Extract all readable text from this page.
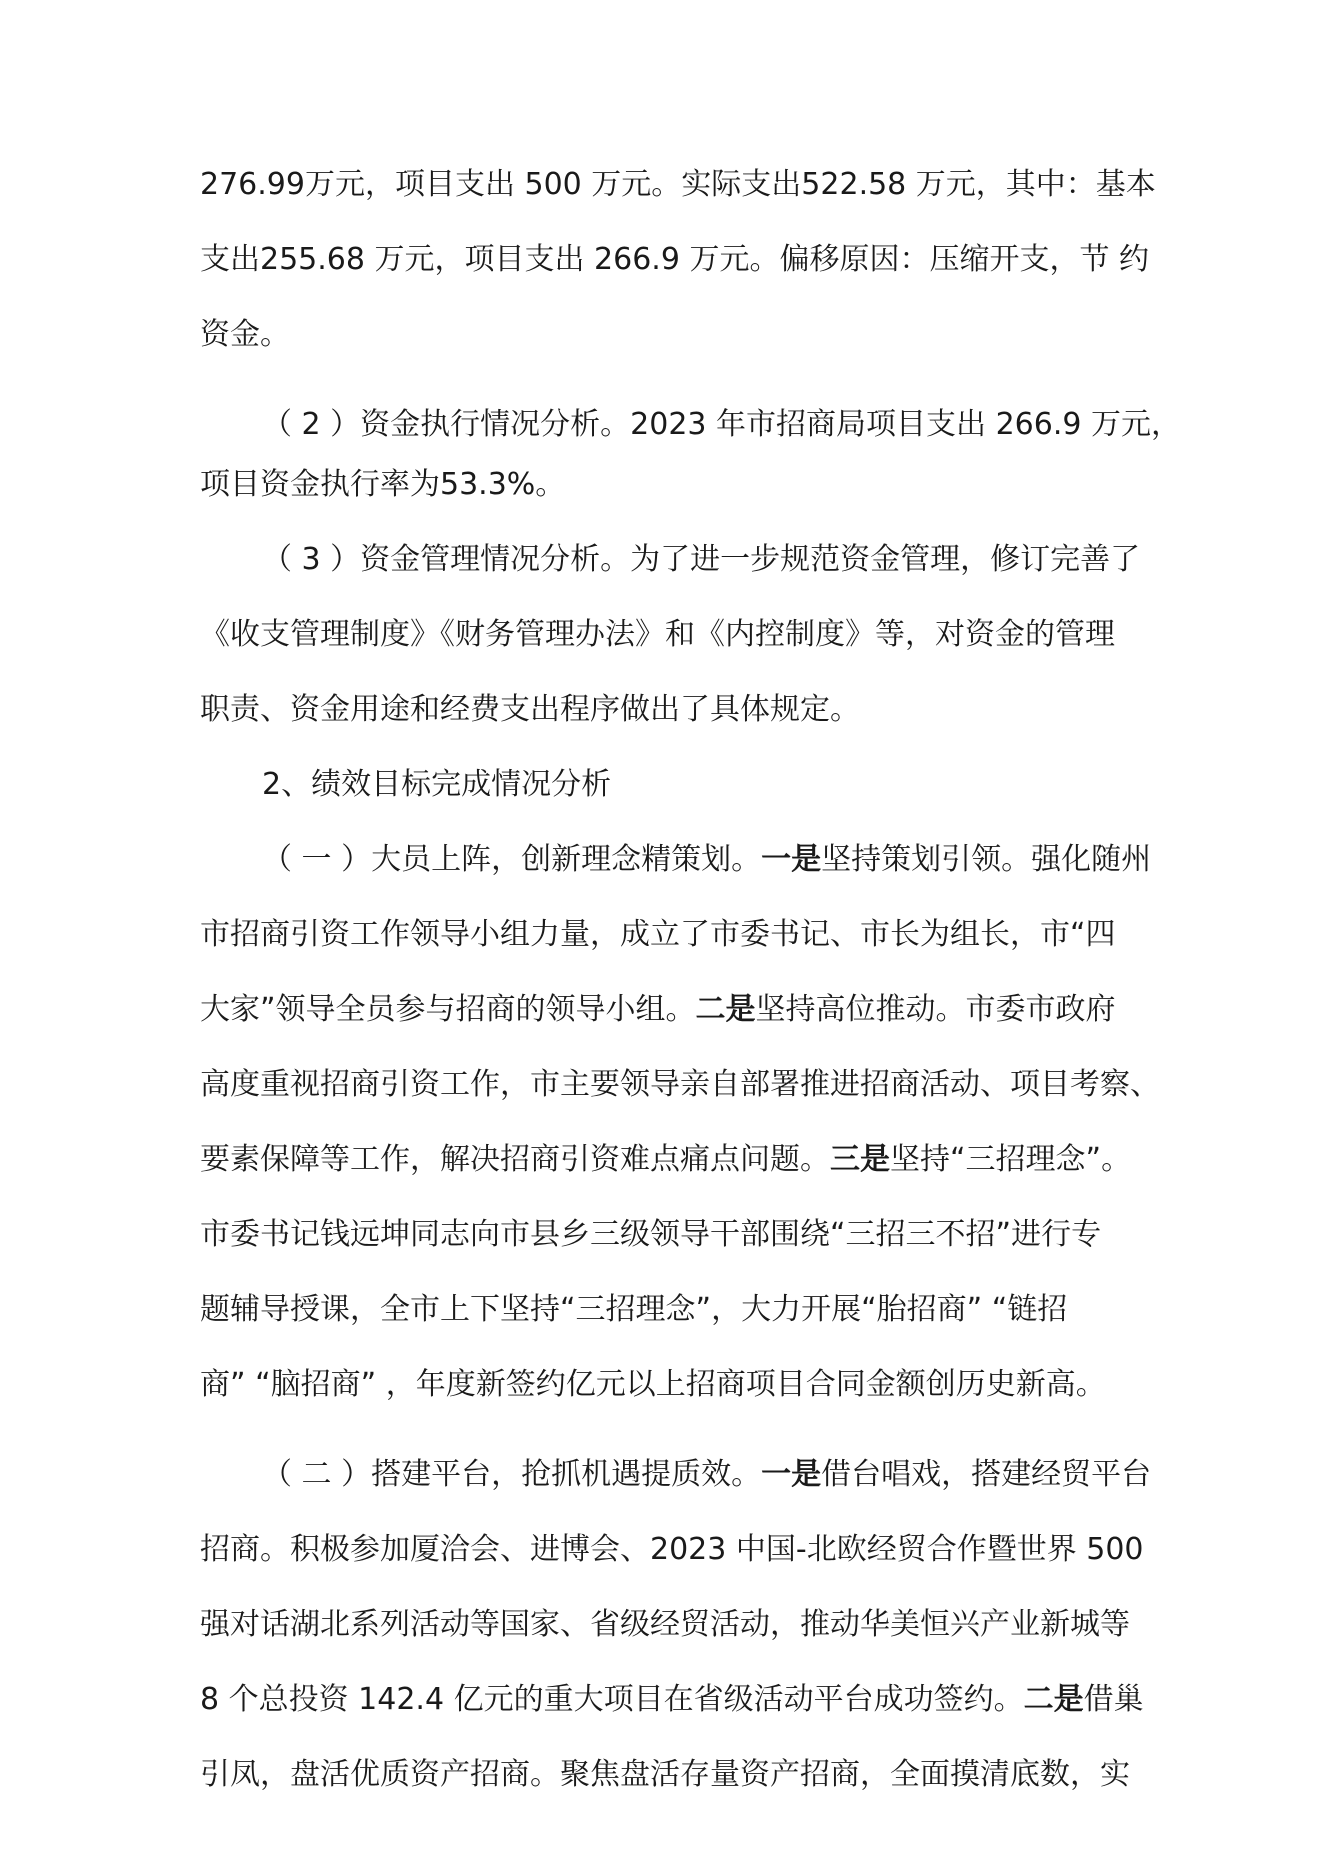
276.99万元，项目支出 500 万元。实际支出522.58 万元，其中：基本

支出255.68 万元，项目支出 266.9 万元。偏移原因：压缩开支，节 约

资金。

（ 2 ）资金执行情况分析。2023 年市招商局项目支出 266.9 万元，

项目资金执行率为53.3%。

（ 3 ）资金管理情况分析。为了进一步规范资金管理，修订完善了

《收支管理制度》《财务管理办法》和《内控制度》等，对资金的管理

职责、资金用途和经费支出程序做出了具体规定。

2、绩效目标完成情况分析

（ 一 ）大员上阵，创新理念精策划。一是坚持策划引领。强化随州

市招商引资工作领导小组力量，成立了市委书记、市长为组长，市“四

大家”领导全员参与招商的领导小组。二是坚持高位推动。市委市政府

高度重视招商引资工作，市主要领导亲自部署推进招商活动、项目考察、

要素保障等工作，解决招商引资难点痛点问题。三是坚持“三招理念”。

市委书记钱远坤同志向市县乡三级领导干部围绕“三招三不招”进行专

题辅导授课，全市上下坚持“三招理念”，大力开展“胎招商” “链招

商” “脑招商” ，年度新签约亿元以上招商项目合同金额创历史新高。

（ 二 ）搭建平台，抢抓机遇提质效。一是借台唱戏，搭建经贸平台

招商。积极参加厦洽会、进博会、2023 中国-北欧经贸合作暨世界 500

强对话湖北系列活动等国家、省级经贸活动，推动华美恒兴产业新城等

8 个总投资 142.4 亿元的重大项目在省级活动平台成功签约。二是借巢

引凤，盘活优质资产招商。聚焦盘活存量资产招商，全面摸清底数，实
